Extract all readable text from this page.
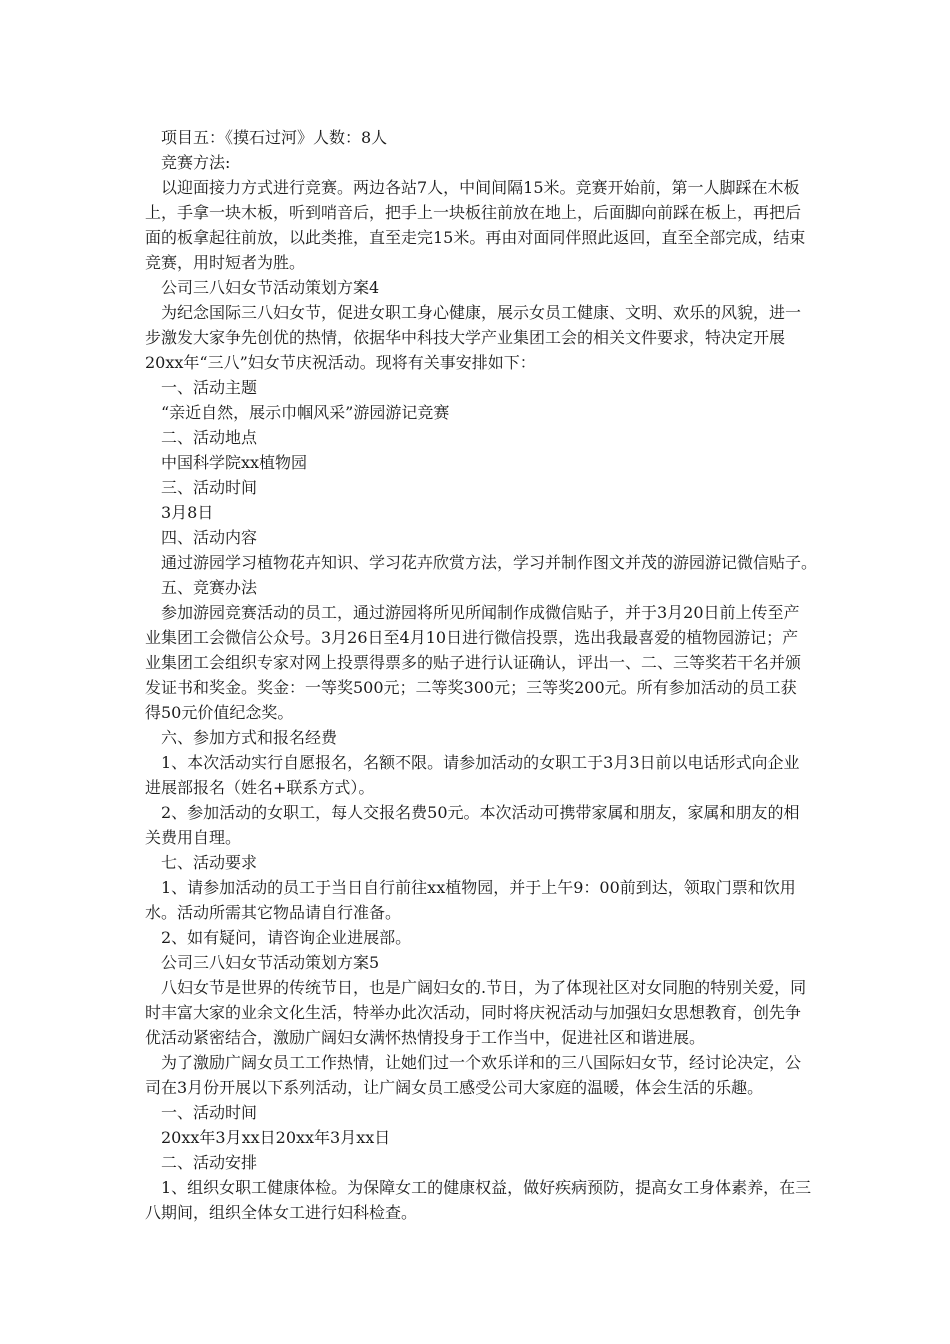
项目五：《摸石过河》人数：8人
竞赛方法:
以迎面接力方式进行竞赛。两边各站7人，中间间隔15米。竞赛开始前，第一人脚踩在木板
上，手拿一块木板，听到哨音后，把手上一块板往前放在地上，后面脚向前踩在板上，再把后
面的板拿起往前放，以此类推，直至走完15米。再由对面同伴照此返回，直至全部完成，结束
竞赛，用时短者为胜。
公司三八妇女节活动策划方案4
为纪念国际三八妇女节，促进女职工身心健康，展示女员工健康、文明、欢乐的风貌，进一
步激发大家争先创优的热情，依据华中科技大学产业集团工会的相关文件要求，特决定开展
20xx年“三八”妇女节庆祝活动。现将有关事安排如下：
一、活动主题
“亲近自然，展示巾帼风采”游园游记竞赛
二、活动地点
中国科学院xx植物园
三、活动时间
3月8日
四、活动内容
通过游园学习植物花卉知识、学习花卉欣赏方法，学习并制作图文并茂的游园游记微信贴子。
五、竞赛办法
参加游园竞赛活动的员工，通过游园将所见所闻制作成微信贴子，并于3月20日前上传至产
业集团工会微信公众号。3月26日至4月10日进行微信投票，选出我最喜爱的植物园游记；产
业集团工会组织专家对网上投票得票多的贴子进行认证确认，评出一、二、三等奖若干名并颁
发证书和奖金。奖金：一等奖500元；二等奖300元；三等奖200元。所有参加活动的员工获
得50元价值纪念奖。
六、参加方式和报名经费
1、本次活动实行自愿报名，名额不限。请参加活动的女职工于3月3日前以电话形式向企业
进展部报名（姓名+联系方式）。
2、参加活动的女职工，每人交报名费50元。本次活动可携带家属和朋友，家属和朋友的相
关费用自理。
七、活动要求
1、请参加活动的员工于当日自行前往xx植物园，并于上午9：00前到达，领取门票和饮用
水。活动所需其它物品请自行准备。
2、如有疑问，请咨询企业进展部。
公司三八妇女节活动策划方案5
八妇女节是世界的传统节日，也是广阔妇女的.节日，为了体现社区对女同胞的特别关爱，同
时丰富大家的业余文化生活，特举办此次活动，同时将庆祝活动与加强妇女思想教育，创先争
优活动紧密结合，激励广阔妇女满怀热情投身于工作当中，促进社区和谐进展。
为了激励广阔女员工工作热情，让她们过一个欢乐详和的三八国际妇女节，经讨论决定，公
司在3月份开展以下系列活动，让广阔女员工感受公司大家庭的温暖，体会生活的乐趣。
一、活动时间
20xx年3月xx日20xx年3月xx日
二、活动安排
1、组织女职工健康体检。为保障女工的健康权益，做好疾病预防，提高女工身体素养，在三
八期间，组织全体女工进行妇科检查。
